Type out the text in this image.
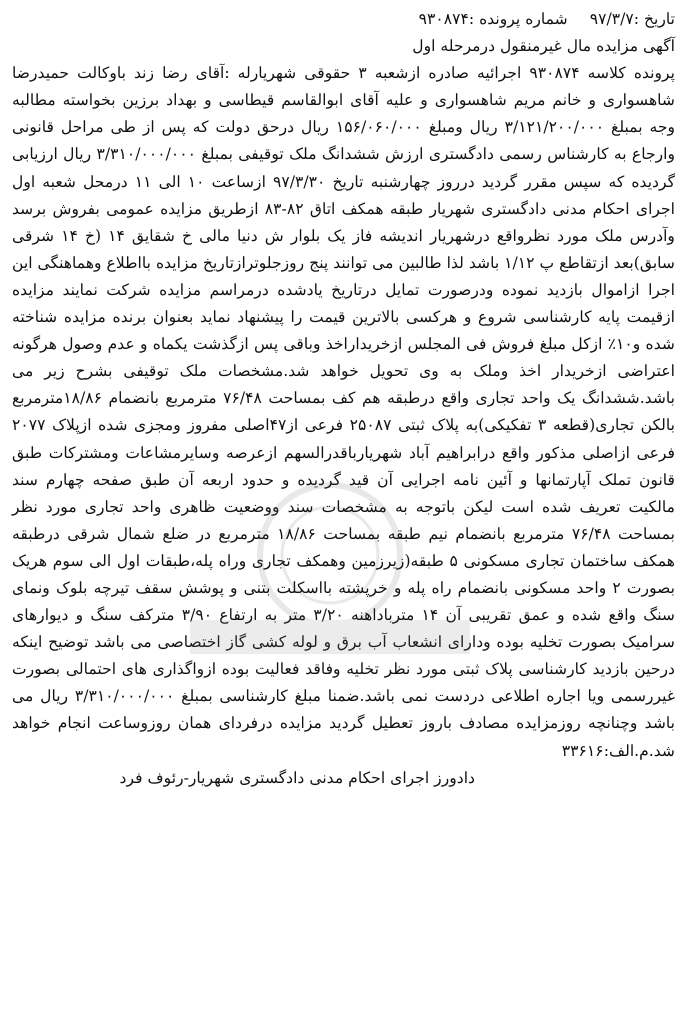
تاریخ :۹۷/۳/۷شماره پرونده :۹۳۰۸۷۴

آگهی مزایده مال غیرمنقول درمرحله اول

پرونده کلاسه ۹۳۰۸۷۴ اجرائیه صادره ازشعبه ۳ حقوقی شهریارله :آقای رضا زند باوکالت حمیدرضا شاهسواری و خانم مریم شاهسواری و علیه آقای ابوالقاسم قیطاسی و بهداد برزین بخواسته مطالبه وجه بمبلغ ۳/۱۲۱/۲۰۰/۰۰۰ ریال ومبلغ ۱۵۶/۰۶۰/۰۰۰ ریال درحق دولت که پس از طی مراحل قانونی وارجاع به کارشناس رسمی دادگستری ارزش ششدانگ ملک توقیفی بمبلغ ۳/۳۱۰/۰۰۰/۰۰۰ ریال ارزیابی گردیده که سپس مقرر گردید درروز چهارشنبه تاریخ ۹۷/۳/۳۰ ازساعت ۱۰ الی ۱۱ درمحل شعبه اول اجرای احکام مدنی دادگستری شهریار طبقه همکف اتاق ۸۲-۸۳ ازطریق مزایده عمومی بفروش برسد وآدرس ملک مورد نظرواقع درشهریار اندیشه فاز یک بلوار ش دنیا مالی خ شقایق ۱۴ (خ ۱۴ شرقی سابق)بعد ازتقاطع پ ۱/۱۲ باشد لذا طالبین می توانند پنج روزجلوترازتاریخ مزایده بااطلاع وهماهنگی این اجرا ازاموال بازدید نموده ودرصورت تمایل درتاریخ یادشده درمراسم مزایده شرکت نمایند مزایده ازقیمت پایه کارشناسی شروع و هرکسی بالاترین قیمت را پیشنهاد نماید بعنوان برنده مزایده شناخته شده و۱۰٪ ازکل مبلغ فروش فی المجلس ازخریداراخذ وباقی پس ازگذشت یکماه و عدم وصول هرگونه اعتراضی ازخریدار اخذ وملک به وی تحویل خواهد شد.مشخصات ملک توقیفی بشرح زیر می باشد.ششدانگ یک واحد تجاری واقع درطبقه هم کف بمساحت ۷۶/۴۸ مترمربع بانضمام ۱۸/۸۶مترمربع بالکن تجاری(قطعه ۳ تفکیکی)به پلاک ثبتی ۲۵۰۸۷ فرعی از۴۷اصلی مفروز ومجزی شده ازپلاک ۲۰۷۷ فرعی ازاصلی مذکور واقع درابراهیم آباد شهریارباقدرالسهم ازعرصه وسایرمشاعات ومشترکات طبق قانون تملک آپارتمانها و آئین نامه اجرایی آن قید گردیده و حدود اربعه آن طبق صفحه چهارم سند مالکیت تعریف شده است لیکن باتوجه به مشخصات سند ووضعیت ظاهری واحد تجاری مورد نظر بمساحت ۷۶/۴۸ مترمربع بانضمام نیم طبقه بمساحت ۱۸/۸۶ مترمربع در ضلع شمال شرقی درطبقه همکف ساختمان تجاری مسکونی ۵ طبقه(زیرزمین وهمکف تجاری وراه پله،طبقات اول الی سوم هریک بصورت ۲ واحد مسکونی بانضمام راه پله و خرپشته بااسکلت بتنی و پوشش سقف تیرچه بلوک ونمای سنگ واقع شده و عمق تقریبی آن ۱۴ مترباداهنه ۳/۲۰ متر به ارتفاع ۳/۹۰ مترکف سنگ و دیوارهای سرامیک بصورت تخلیه بوده ودارای انشعاب آب برق و لوله کشی گاز اختصاصی می باشد توضیح اینکه درحین بازدید کارشناسی پلاک ثبتی مورد نظر تخلیه وفاقد فعالیت بوده ازواگذاری های احتمالی بصورت غیررسمی ویا اجاره اطلاعی دردست نمی باشد.ضمنا مبلغ کارشناسی بمبلغ ۳/۳۱۰/۰۰۰/۰۰۰ ریال می باشد وچنانچه روزمزایده مصادف باروز تعطیل گردید مزایده درفردای همان روزوساعت انجام خواهد شد.م.الف:۳۳۶۱۶

دادورز اجرای احکام مدنی دادگستری شهریار-رئوف فرد
